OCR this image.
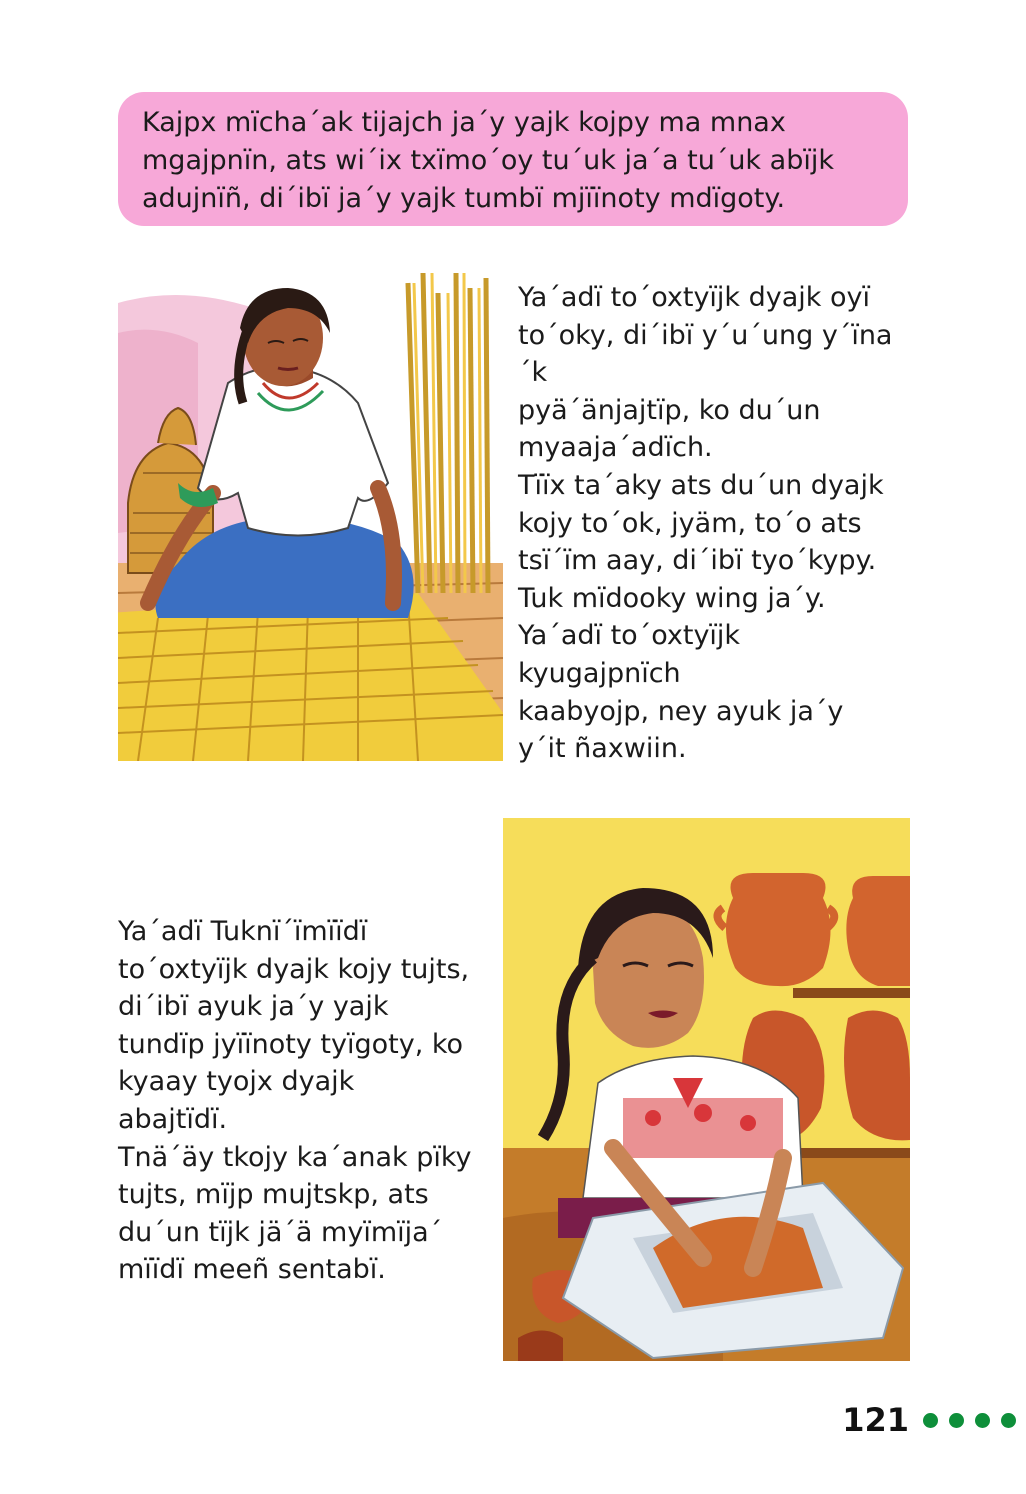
Kajpx mïcha´ak tijajch ja´y yajk kojpy ma mnax
mgajpnïn, ats wi´ix txïmo´oy tu´uk ja´a tu´uk abïjk
adujnïñ, di´ibï ja´y yajk tumbï mjïïnoty mdïgoty.

Ya´adï to´oxtyïjk dyajk oyï
to´oky, di´ibï y´u´ung y´ïna´k
pyä´änjajtïp, ko du´un
myaaja´adïch.
Tïïx ta´aky ats du´un dyajk
kojy to´ok, jyäm, to´o ats
tsï´ïm aay, di´ibï tyo´kypy.
Tuk mïdooky wing ja´y.
Ya´adï to´oxtyïjk
kyugajpnïch
kaabyojp, ney ayuk ja´y
y´it ñaxwiin.

Ya´adï Tuknï´ïmïïdï
to´oxtyïjk dyajk kojy tujts,
di´ibï ayuk ja´y yajk
tundïp jyïïnoty tyïgoty, ko
kyaay tyojx dyajk
abajtïdï.
Tnä´äy tkojy ka´anak pïky
tujts, mïjp mujtskp, ats
du´un tïjk jä´ä myïmïja´
mïïdï meeñ sentabï.

121
